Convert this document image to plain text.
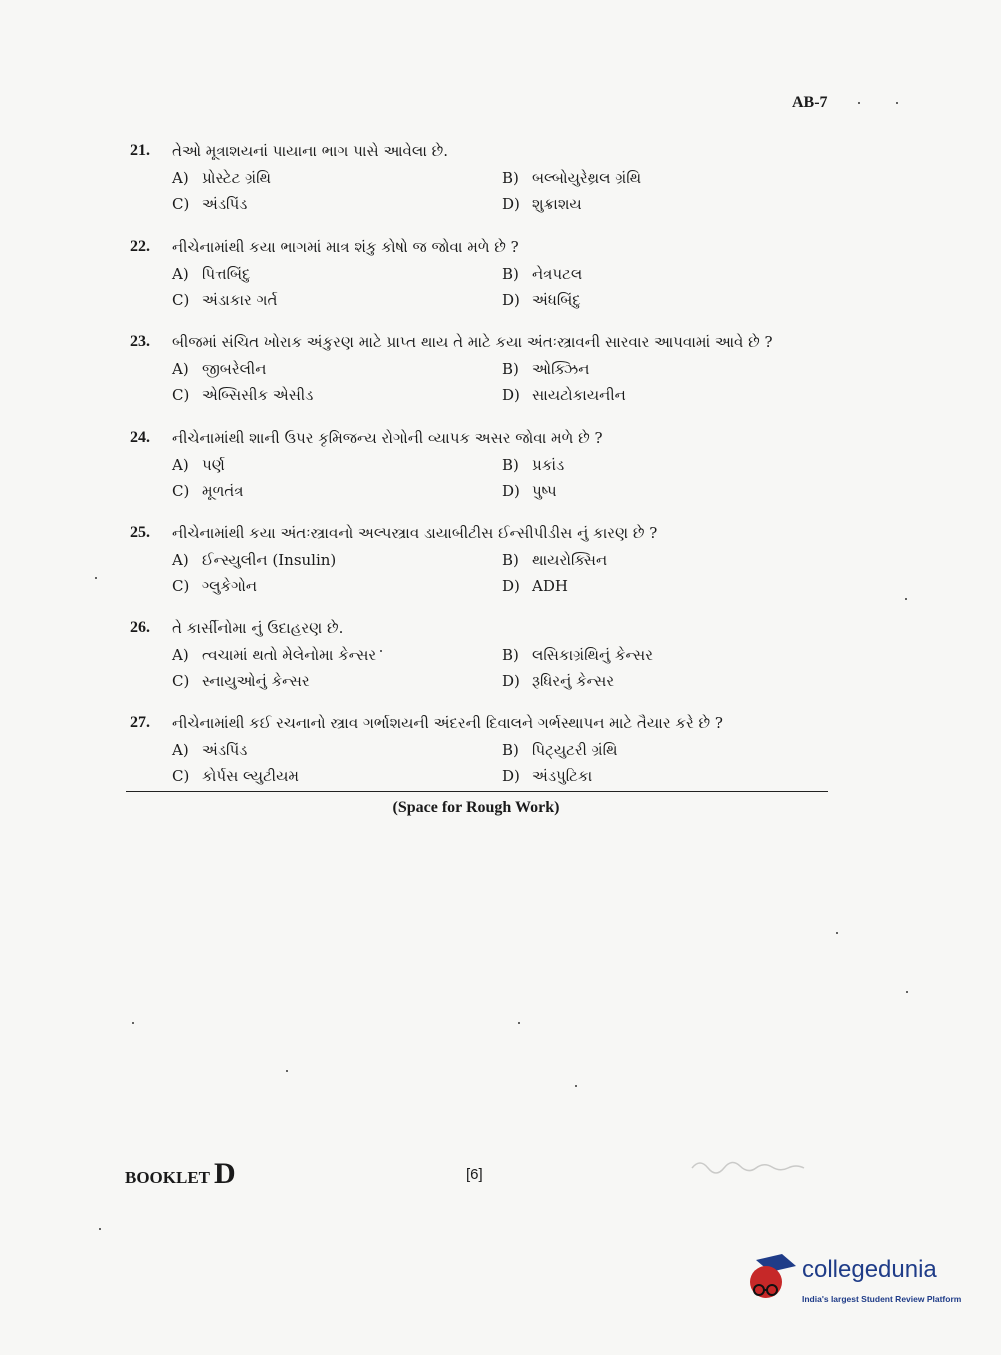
AB-7
21.	તેઓ મૂત્રાશયનાં પાયાના ભાગ પાસે આવેલા છે.
A) પ્રોસ્ટેટ ગ્રંથિ	B) બલ્બોયુરેથ્રલ ગ્રંથિ
C) અંડપિંડ	D) શુક્રાશય
22.	નીચેનામાંથી કયા ભાગમાં માત્ર શંકુ કોષો જ જોવા મળે છે ?
A) પિત્તબિંદુ	B) નેત્રપટલ
C) અંડાકાર ગર્ત	D) અંધબિંદુ
23.	બીજમાં સંચિત ખોરાક અંકુરણ માટે પ્રાપ્ત થાય તે માટે કયા અંતઃસ્ત્રાવની સારવાર આપવામાં આવે છે ?
A) જીબરેલીન	B) ઓક્ઝિન
C) એબ્સિસીક એસીડ	D) સાયટોકાયનીન
24.	નીચેનામાંથી શાની ઉપર કૃમિજન્ય રોગોની વ્યાપક અસર જોવા મળે છે ?
A) પર્ણ	B) પ્રકાંડ
C) મૂળતંત્ર	D) પુષ્પ
25.	નીચેનામાંથી કયા અંતઃસ્ત્રાવનો અલ્પસ્ત્રાવ ડાયાબીટીસ ઈન્સીપીડીસ નું કારણ છે ?
A) ઈન્સ્યુલીન (Insulin)	B) થાયરોક્સિન
C) ગ્લુકેગોન	D) ADH
26.	તે કાર્સીનોમા નું ઉદાહરણ છે.
A) ત્વચામાં થતો મેલેનોમા કેન્સર	B) લસિકાગ્રંથિનું કેન્સર
C) સ્નાયુઓનું કેન્સર	D) રૂધિરનું કેન્સર
27.	નીચેનામાંથી કઈ રચનાનો સ્ત્રાવ ગર્ભાશયની અંદરની દિવાલને ગર્ભસ્થાપન માટે તૈયાર કરે છે ?
A) અંડપિંડ	B) પિટ્યુટરી ગ્રંથિ
C) કોર્પસ લ્યુટીયમ	D) અંડપુટિકા
(Space for Rough Work)
BOOKLET D	[6]
collegedunia
India's largest Student Review Platform
